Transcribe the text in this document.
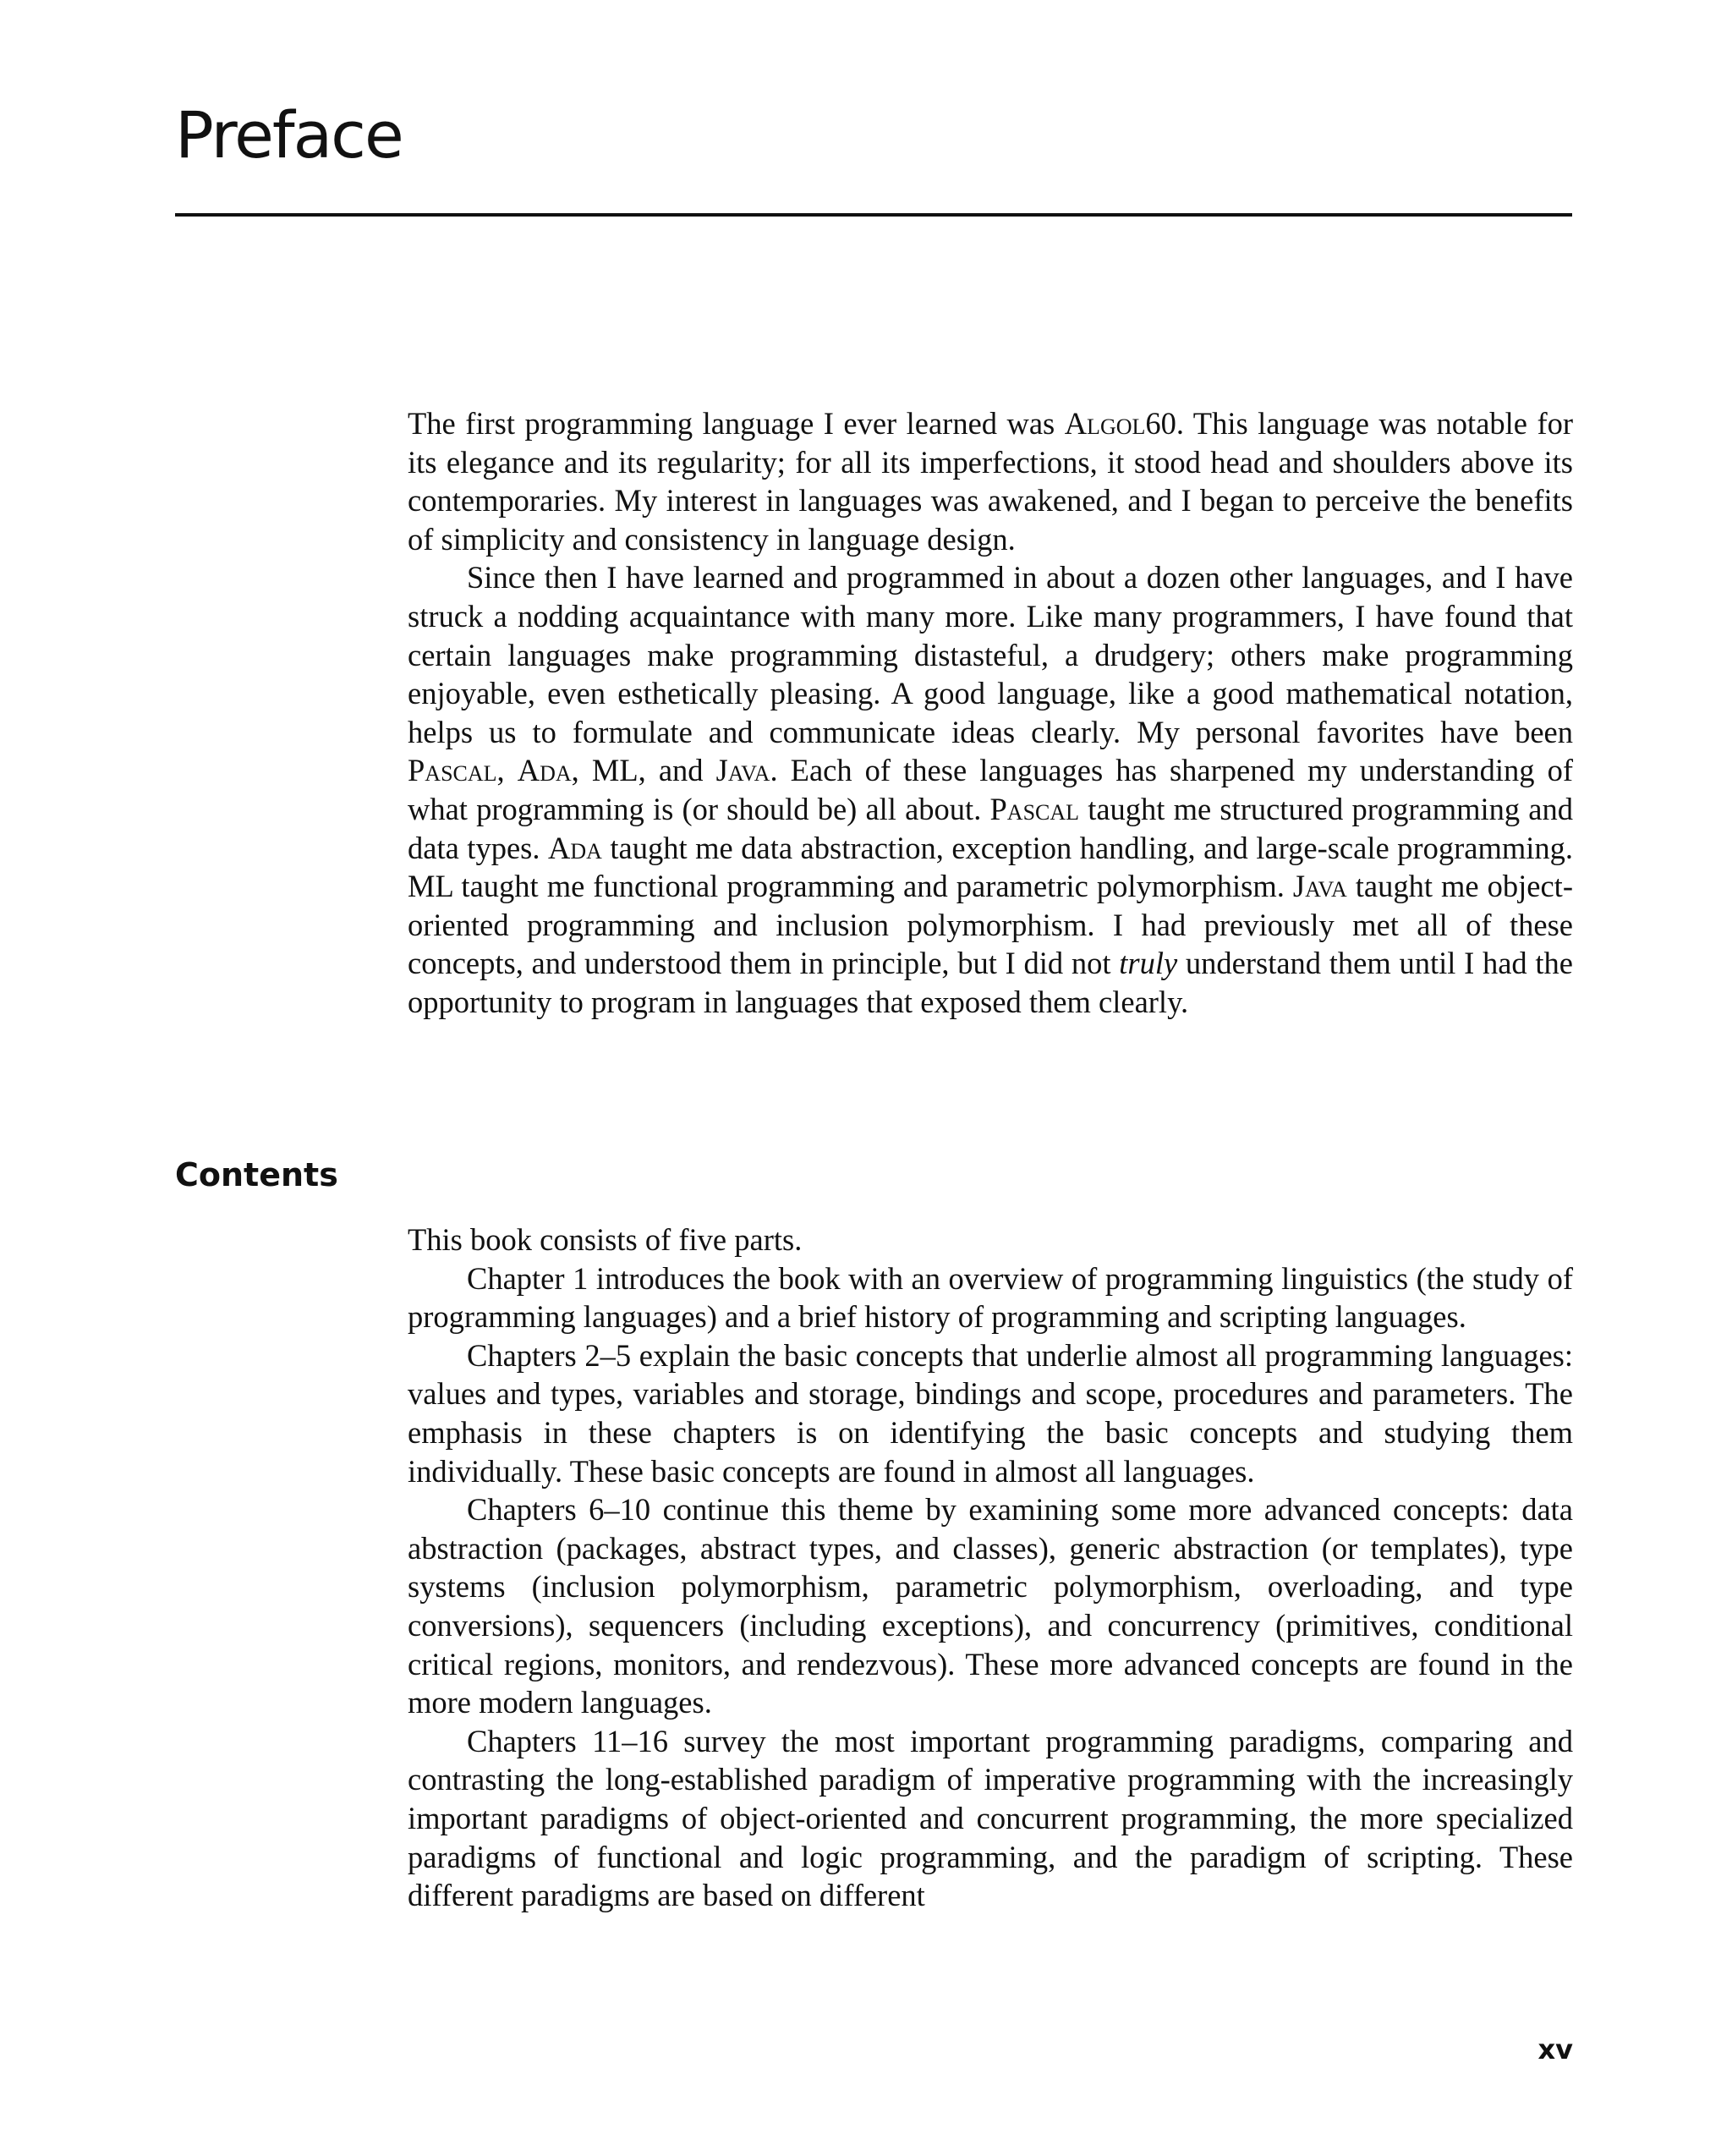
Preface

The first programming language I ever learned was Algol60. This language was notable for its elegance and its regularity; for all its imperfections, it stood head and shoulders above its contemporaries. My interest in languages was awakened, and I began to perceive the benefits of simplicity and consistency in language design.

Since then I have learned and programmed in about a dozen other languages, and I have struck a nodding acquaintance with many more. Like many programmers, I have found that certain languages make programming distasteful, a drudgery; others make programming enjoyable, even esthetically pleasing. A good language, like a good mathematical notation, helps us to formulate and communicate ideas clearly. My personal favorites have been Pascal, Ada, ML, and Java. Each of these languages has sharpened my understanding of what programming is (or should be) all about. Pascal taught me structured programming and data types. Ada taught me data abstraction, exception handling, and large-scale programming. ML taught me functional programming and parametric polymorphism. Java taught me object-oriented programming and inclusion polymorphism. I had previously met all of these concepts, and understood them in principle, but I did not truly understand them until I had the opportunity to program in languages that exposed them clearly.

Contents

This book consists of five parts.

Chapter 1 introduces the book with an overview of programming linguistics (the study of programming languages) and a brief history of programming and scripting languages.

Chapters 2–5 explain the basic concepts that underlie almost all programming languages: values and types, variables and storage, bindings and scope, procedures and parameters. The emphasis in these chapters is on identifying the basic concepts and studying them individually. These basic concepts are found in almost all languages.

Chapters 6–10 continue this theme by examining some more advanced concepts: data abstraction (packages, abstract types, and classes), generic abstraction (or templates), type systems (inclusion polymorphism, parametric polymorphism, overloading, and type conversions), sequencers (including exceptions), and concurrency (primitives, conditional critical regions, monitors, and rendezvous). These more advanced concepts are found in the more modern languages.

Chapters 11–16 survey the most important programming paradigms, comparing and contrasting the long-established paradigm of imperative programming with the increasingly important paradigms of object-oriented and concurrent programming, the more specialized paradigms of functional and logic programming, and the paradigm of scripting. These different paradigms are based on different

xv
